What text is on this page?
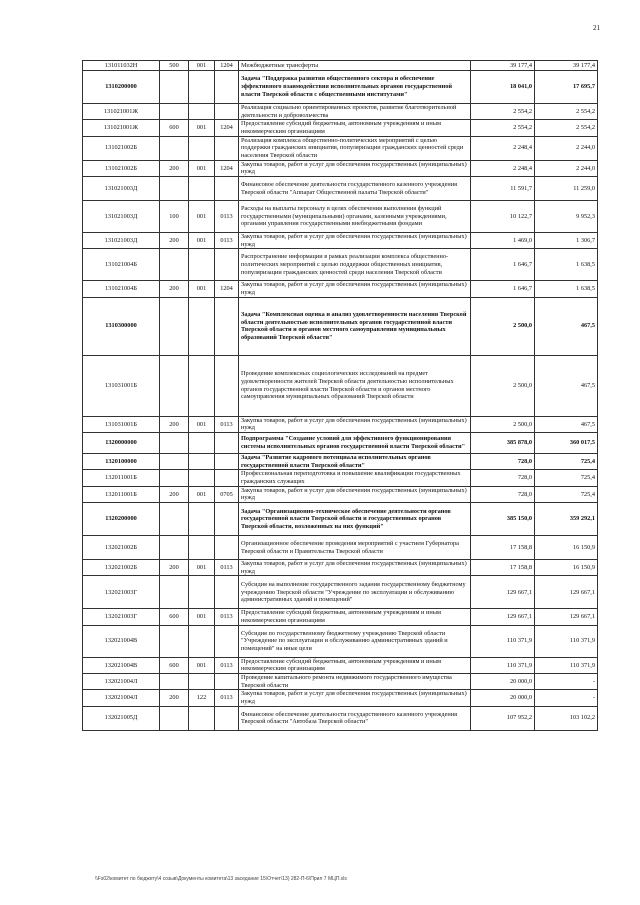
21
131011032Н	500	001	1204	Межбюджетные трансферты	39 177,4	39 177,4
1310200000				Задача "Поддержка развития общественного сектора и обеспечение эффективного взаимодействия исполнительных органов государственной власти Тверской области с общественными институтами"	18 041,0	17 695,7
131021001Ж				Реализация социально ориентированных проектов, развитие благотворительной деятельности и добровольчества	2 554,2	2 554,2
131021001Ж	600	001	1204	Предоставление субсидий бюджетным, автономным учреждениям и иным некоммерческим организациям	2 554,2	2 554,2
131021002Б				Реализация комплекса общественно-политических мероприятий с целью поддержки гражданских инициатив, популяризации гражданских ценностей среди населения Тверской области	2 248,4	2 244,0
131021002Б	200	001	1204	Закупка товаров, работ и услуг для обеспечения государственных (муниципальных) нужд	2 248,4	2 244,0
131021003Д				Финансовое обеспечение деятельности государственного казенного учреждения Тверской области "Аппарат Общественной палаты Тверской области"	11 591,7	11 259,0
131021003Д	100	001	0113	Расходы на выплаты персоналу в целях обеспечения выполнения функций государственными (муниципальными) органами, казенными учреждениями, органами управления государственными внебюджетными фондами	10 122,7	9 952,3
131021003Д	200	001	0113	Закупка товаров, работ и услуг для обеспечения государственных (муниципальных) нужд	1 469,0	1 306,7
131021004Б				Распространение информации в рамках реализации комплекса общественно-политических мероприятий с целью поддержки общественных инициатив, популяризации гражданских ценностей среди населения Тверской области	1 646,7	1 638,5
131021004Б	200	001	1204	Закупка товаров, работ и услуг для обеспечения государственных (муниципальных) нужд	1 646,7	1 638,5
1310300000				Задача "Комплексная оценка и анализ удовлетворенности населения Тверской области деятельностью исполнительных органов государственной власти Тверской области и органов местного самоуправления муниципальных образований Тверской области"	2 500,0	467,5
131031001Б				Проведение комплексных социологических исследований на предмет удовлетворенности жителей Тверской области деятельностью исполнительных органов государственной власти Тверской области и органов местного самоуправления муниципальных образований Тверской области	2 500,0	467,5
131031001Б	200	001	0113	Закупка товаров, работ и услуг для обеспечения государственных (муниципальных) нужд	2 500,0	467,5
1320000000				Подпрограмма "Создание условий для эффективного функционирования системы исполнительных органов государственной власти Тверской области"	385 878,0	360 017,5
1320100000				Задача "Развитие кадрового потенциала исполнительных органов государственной власти Тверской области"	728,0	725,4
132011001Б				Профессиональная переподготовка и повышение квалификации государственных гражданских служащих	728,0	725,4
132011001Б	200	001	0705	Закупка товаров, работ и услуг для обеспечения государственных (муниципальных) нужд	728,0	725,4
1320200000				Задача "Организационно-техническое обеспечение деятельности органов государственной власти Тверской области и государственных органов Тверской области, возложенных на них функций"	385 150,0	359 292,1
132021002Б				Организационное обеспечение проведения мероприятий с участием Губернатора Тверской области и Правительства Тверской области	17 158,8	16 150,9
132021002Б	200	001	0113	Закупка товаров, работ и услуг для обеспечения государственных (муниципальных) нужд	17 158,8	16 150,9
132021003Г				Субсидия на выполнение государственного задания государственному бюджетному учреждению Тверской области "Учреждение по эксплуатации и обслуживанию административных зданий и помещений"	129 667,1	129 667,1
132021003Г	600	001	0113	Предоставление субсидий бюджетным, автономным учреждениям и иным некоммерческим организациям	129 667,1	129 667,1
132021004В				Субсидия по государственному бюджетному учреждению Тверской области "Учреждение по эксплуатации и обслуживанию административных зданий и помещений" на иные цели	110 371,9	110 371,9
132021004В	600	001	0113	Предоставление субсидий бюджетным, автономным учреждениям и иным некоммерческим организациям	110 371,9	110 371,9
132021004Л				Проведение капитального ремонта недвижимого государственного имущества Тверской области	20 000,0	-
132021004Л	200	122	0113	Закупка товаров, работ и услуг для обеспечения государственных (муниципальных) нужд	20 000,0	-
132021005Д				Финансовое обеспечение деятельности государственного казенного учреждения Тверской области "Автобаза Тверской области"	107 952,2	103 102,2
\\Fs02\комитет по бюджету\4 созыв\Документы комитета\13 заседание 15\Отчет\13) 282-П-6\Прил 7 МЦП.xls
